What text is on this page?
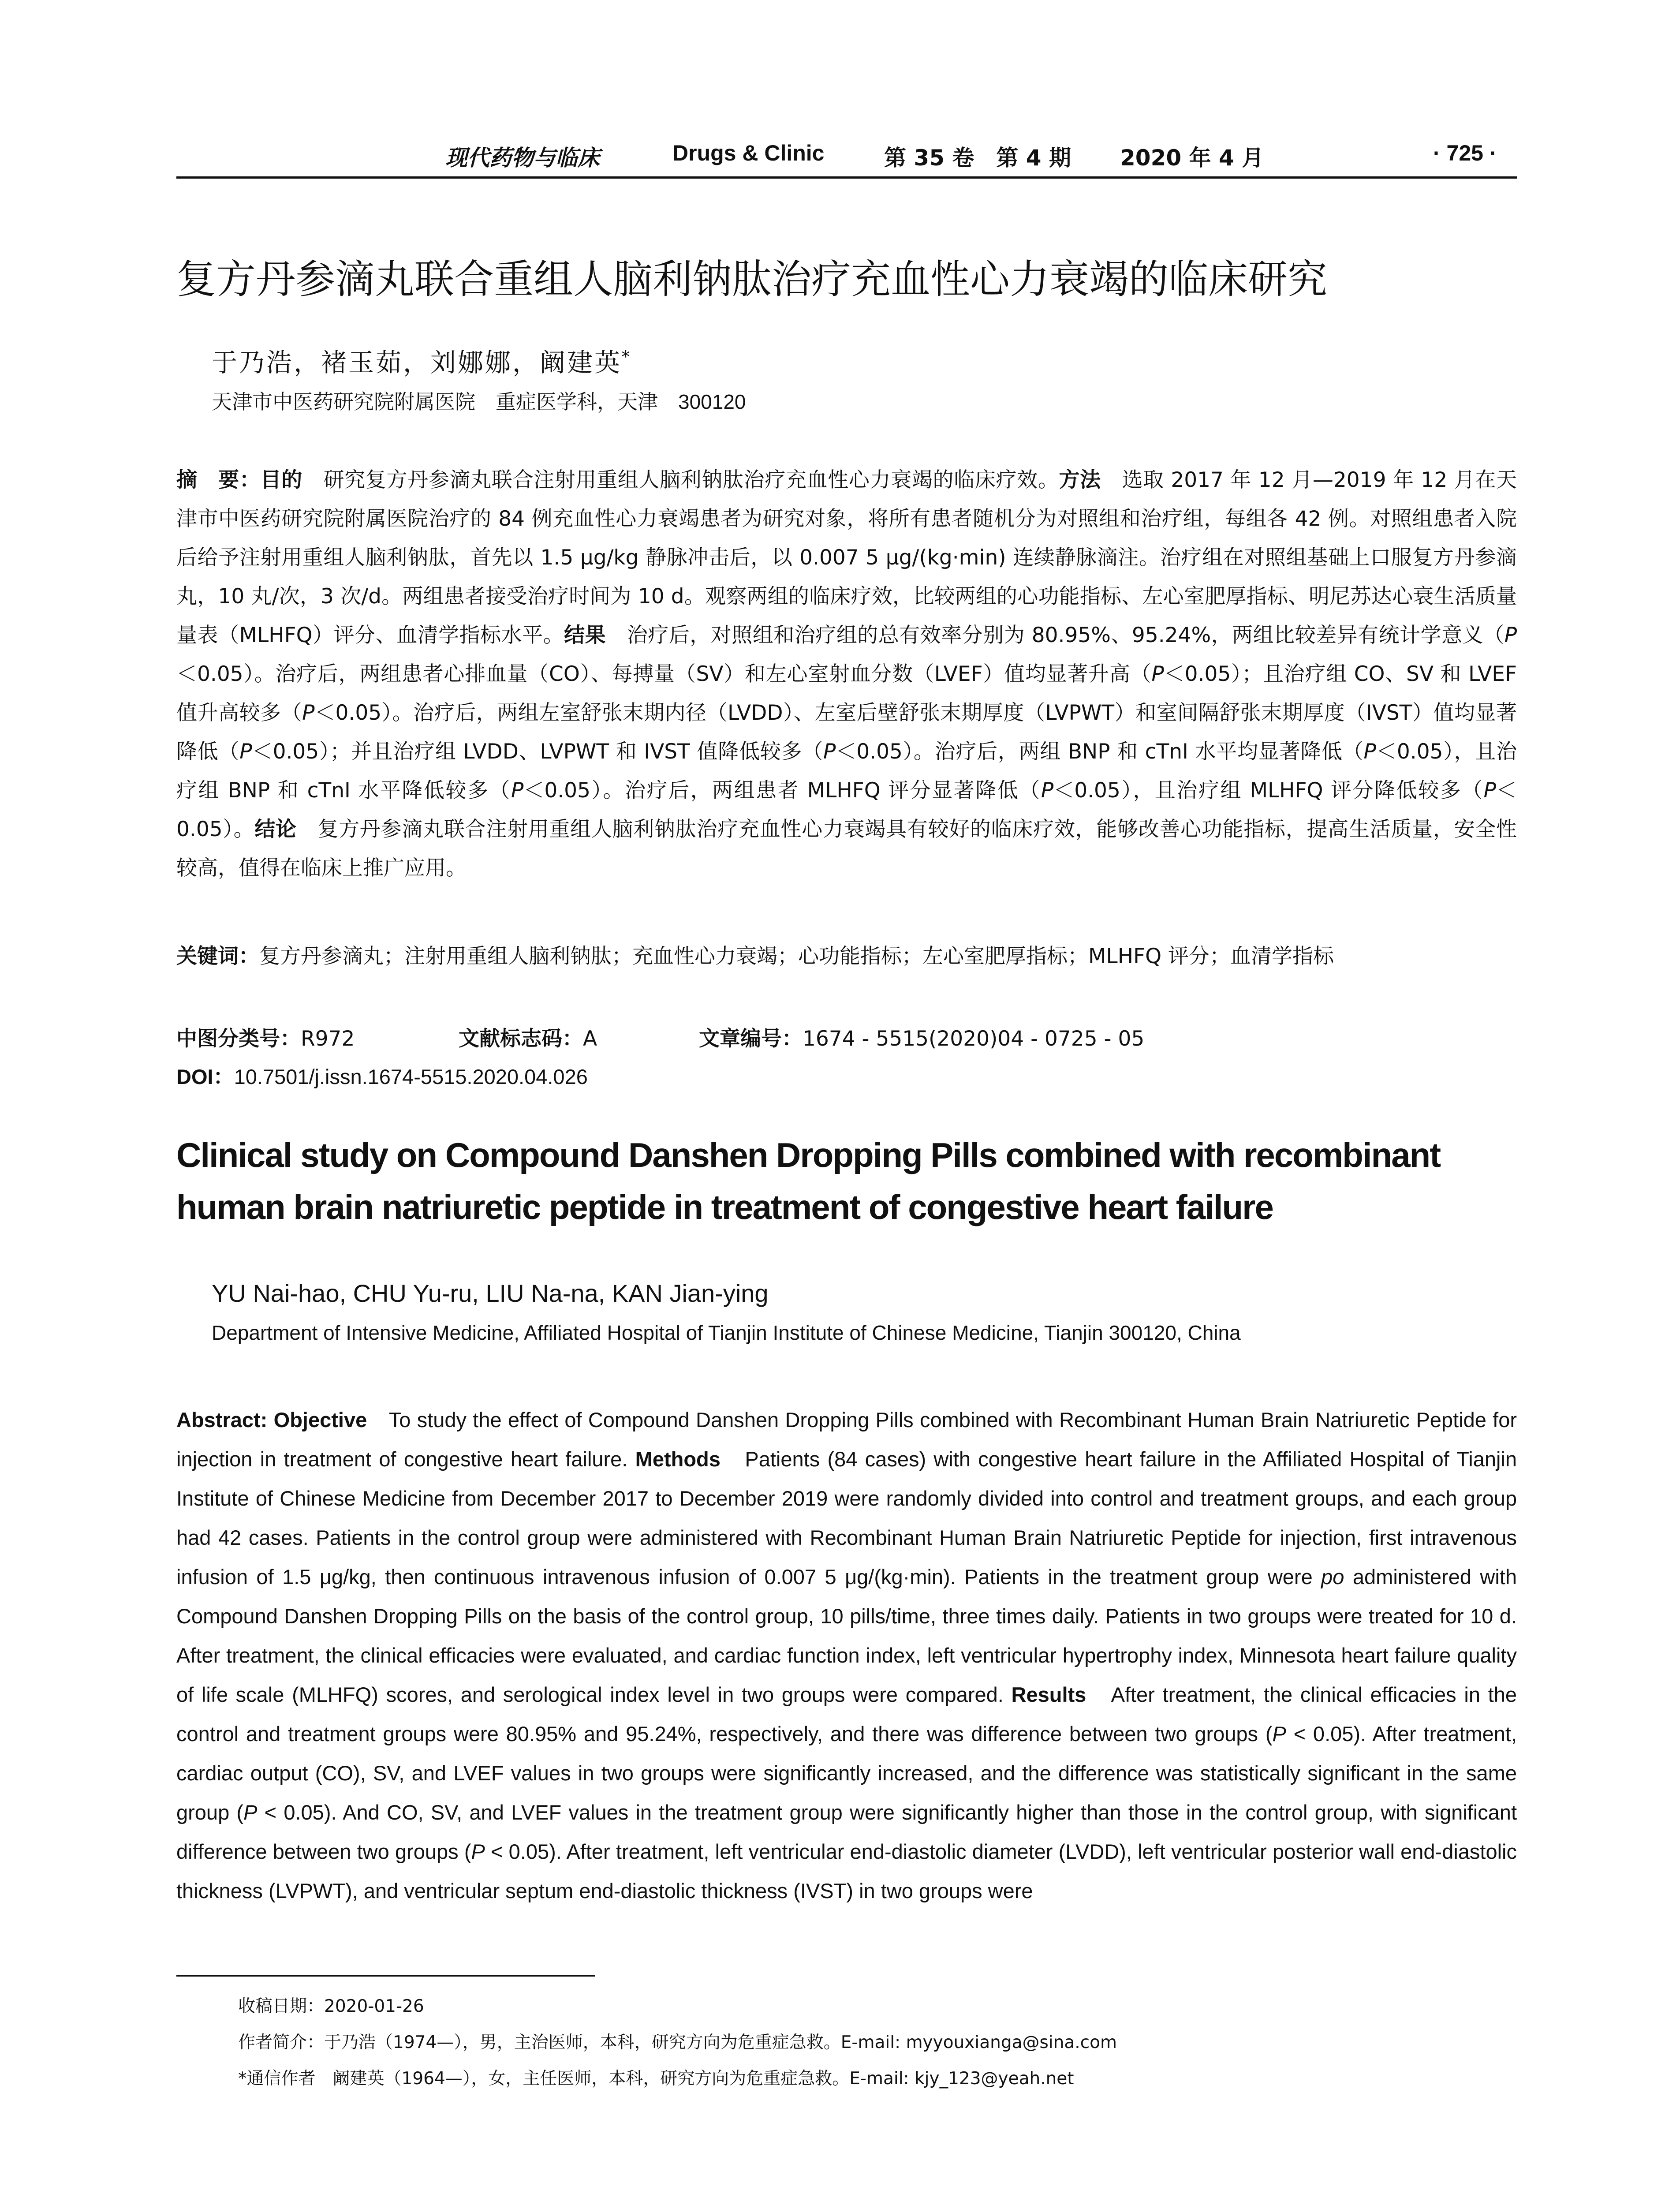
现代药物与临床	Drugs & Clinic	第 35 卷　第 4 期 2020 年 4 月	· 725 ·
复方丹参滴丸联合重组人脑利钠肽治疗充血性心力衰竭的临床研究
于乃浩，褚玉茹，刘娜娜，阚建英*
天津市中医药研究院附属医院　重症医学科，天津　300120
摘　要：目的　研究复方丹参滴丸联合注射用重组人脑利钠肽治疗充血性心力衰竭的临床疗效。方法　选取 2017 年 12 月—2019 年 12 月在天津市中医药研究院附属医院治疗的 84 例充血性心力衰竭患者为研究对象，将所有患者随机分为对照组和治疗组，每组各 42 例。对照组患者入院后给予注射用重组人脑利钠肽，首先以 1.5 μg/kg 静脉冲击后，以 0.007 5 μg/(kg·min) 连续静脉滴注。治疗组在对照组基础上口服复方丹参滴丸，10 丸/次，3 次/d。两组患者接受治疗时间为 10 d。观察两组的临床疗效，比较两组的心功能指标、左心室肥厚指标、明尼苏达心衰生活质量量表（MLHFQ）评分、血清学指标水平。结果　治疗后，对照组和治疗组的总有效率分别为 80.95%、95.24%，两组比较差异有统计学意义（P＜0.05）。治疗后，两组患者心排血量（CO）、每搏量（SV）和左心室射血分数（LVEF）值均显著升高（P＜0.05）；且治疗组 CO、SV 和 LVEF 值升高较多（P＜0.05）。治疗后，两组左室舒张末期内径（LVDD）、左室后壁舒张末期厚度（LVPWT）和室间隔舒张末期厚度（IVST）值均显著降低（P＜0.05）；并且治疗组 LVDD、LVPWT 和 IVST 值降低较多（P＜0.05）。治疗后，两组 BNP 和 cTnI 水平均显著降低（P＜0.05），且治疗组 BNP 和 cTnI 水平降低较多（P＜0.05）。治疗后，两组患者 MLHFQ 评分显著降低（P＜0.05），且治疗组 MLHFQ 评分降低较多（P＜0.05）。结论　复方丹参滴丸联合注射用重组人脑利钠肽治疗充血性心力衰竭具有较好的临床疗效，能够改善心功能指标，提高生活质量，安全性较高，值得在临床上推广应用。
关键词：复方丹参滴丸；注射用重组人脑利钠肽；充血性心力衰竭；心功能指标；左心室肥厚指标；MLHFQ 评分；血清学指标
中图分类号：R972	文献标志码：A	文章编号：1674 - 5515(2020)04 - 0725 - 05
DOI：10.7501/j.issn.1674-5515.2020.04.026
Clinical study on Compound Danshen Dropping Pills combined with recombinant human brain natriuretic peptide in treatment of congestive heart failure
YU Nai-hao, CHU Yu-ru, LIU Na-na, KAN Jian-ying
Department of Intensive Medicine, Affiliated Hospital of Tianjin Institute of Chinese Medicine, Tianjin 300120, China
Abstract: Objective　To study the effect of Compound Danshen Dropping Pills combined with Recombinant Human Brain Natriuretic Peptide for injection in treatment of congestive heart failure. Methods　Patients (84 cases) with congestive heart failure in the Affiliated Hospital of Tianjin Institute of Chinese Medicine from December 2017 to December 2019 were randomly divided into control and treatment groups, and each group had 42 cases. Patients in the control group were administered with Recombinant Human Brain Natriuretic Peptide for injection, first intravenous infusion of 1.5 μg/kg, then continuous intravenous infusion of 0.007 5 μg/(kg·min). Patients in the treatment group were po administered with Compound Danshen Dropping Pills on the basis of the control group, 10 pills/time, three times daily. Patients in two groups were treated for 10 d. After treatment, the clinical efficacies were evaluated, and cardiac function index, left ventricular hypertrophy index, Minnesota heart failure quality of life scale (MLHFQ) scores, and serological index level in two groups were compared. Results　After treatment, the clinical efficacies in the control and treatment groups were 80.95% and 95.24%, respectively, and there was difference between two groups (P < 0.05). After treatment, cardiac output (CO), SV, and LVEF values in two groups were significantly increased, and the difference was statistically significant in the same group (P < 0.05). And CO, SV, and LVEF values in the treatment group were significantly higher than those in the control group, with significant difference between two groups (P < 0.05). After treatment, left ventricular end-diastolic diameter (LVDD), left ventricular posterior wall end-diastolic thickness (LVPWT), and ventricular septum end-diastolic thickness (IVST) in two groups were
收稿日期：2020-01-26
作者简介：于乃浩（1974—），男，主治医师，本科，研究方向为危重症急救。E-mail: myyouxianga@sina.com
*通信作者　阚建英（1964—），女，主任医师，本科，研究方向为危重症急救。E-mail: kjy_123@yeah.net
